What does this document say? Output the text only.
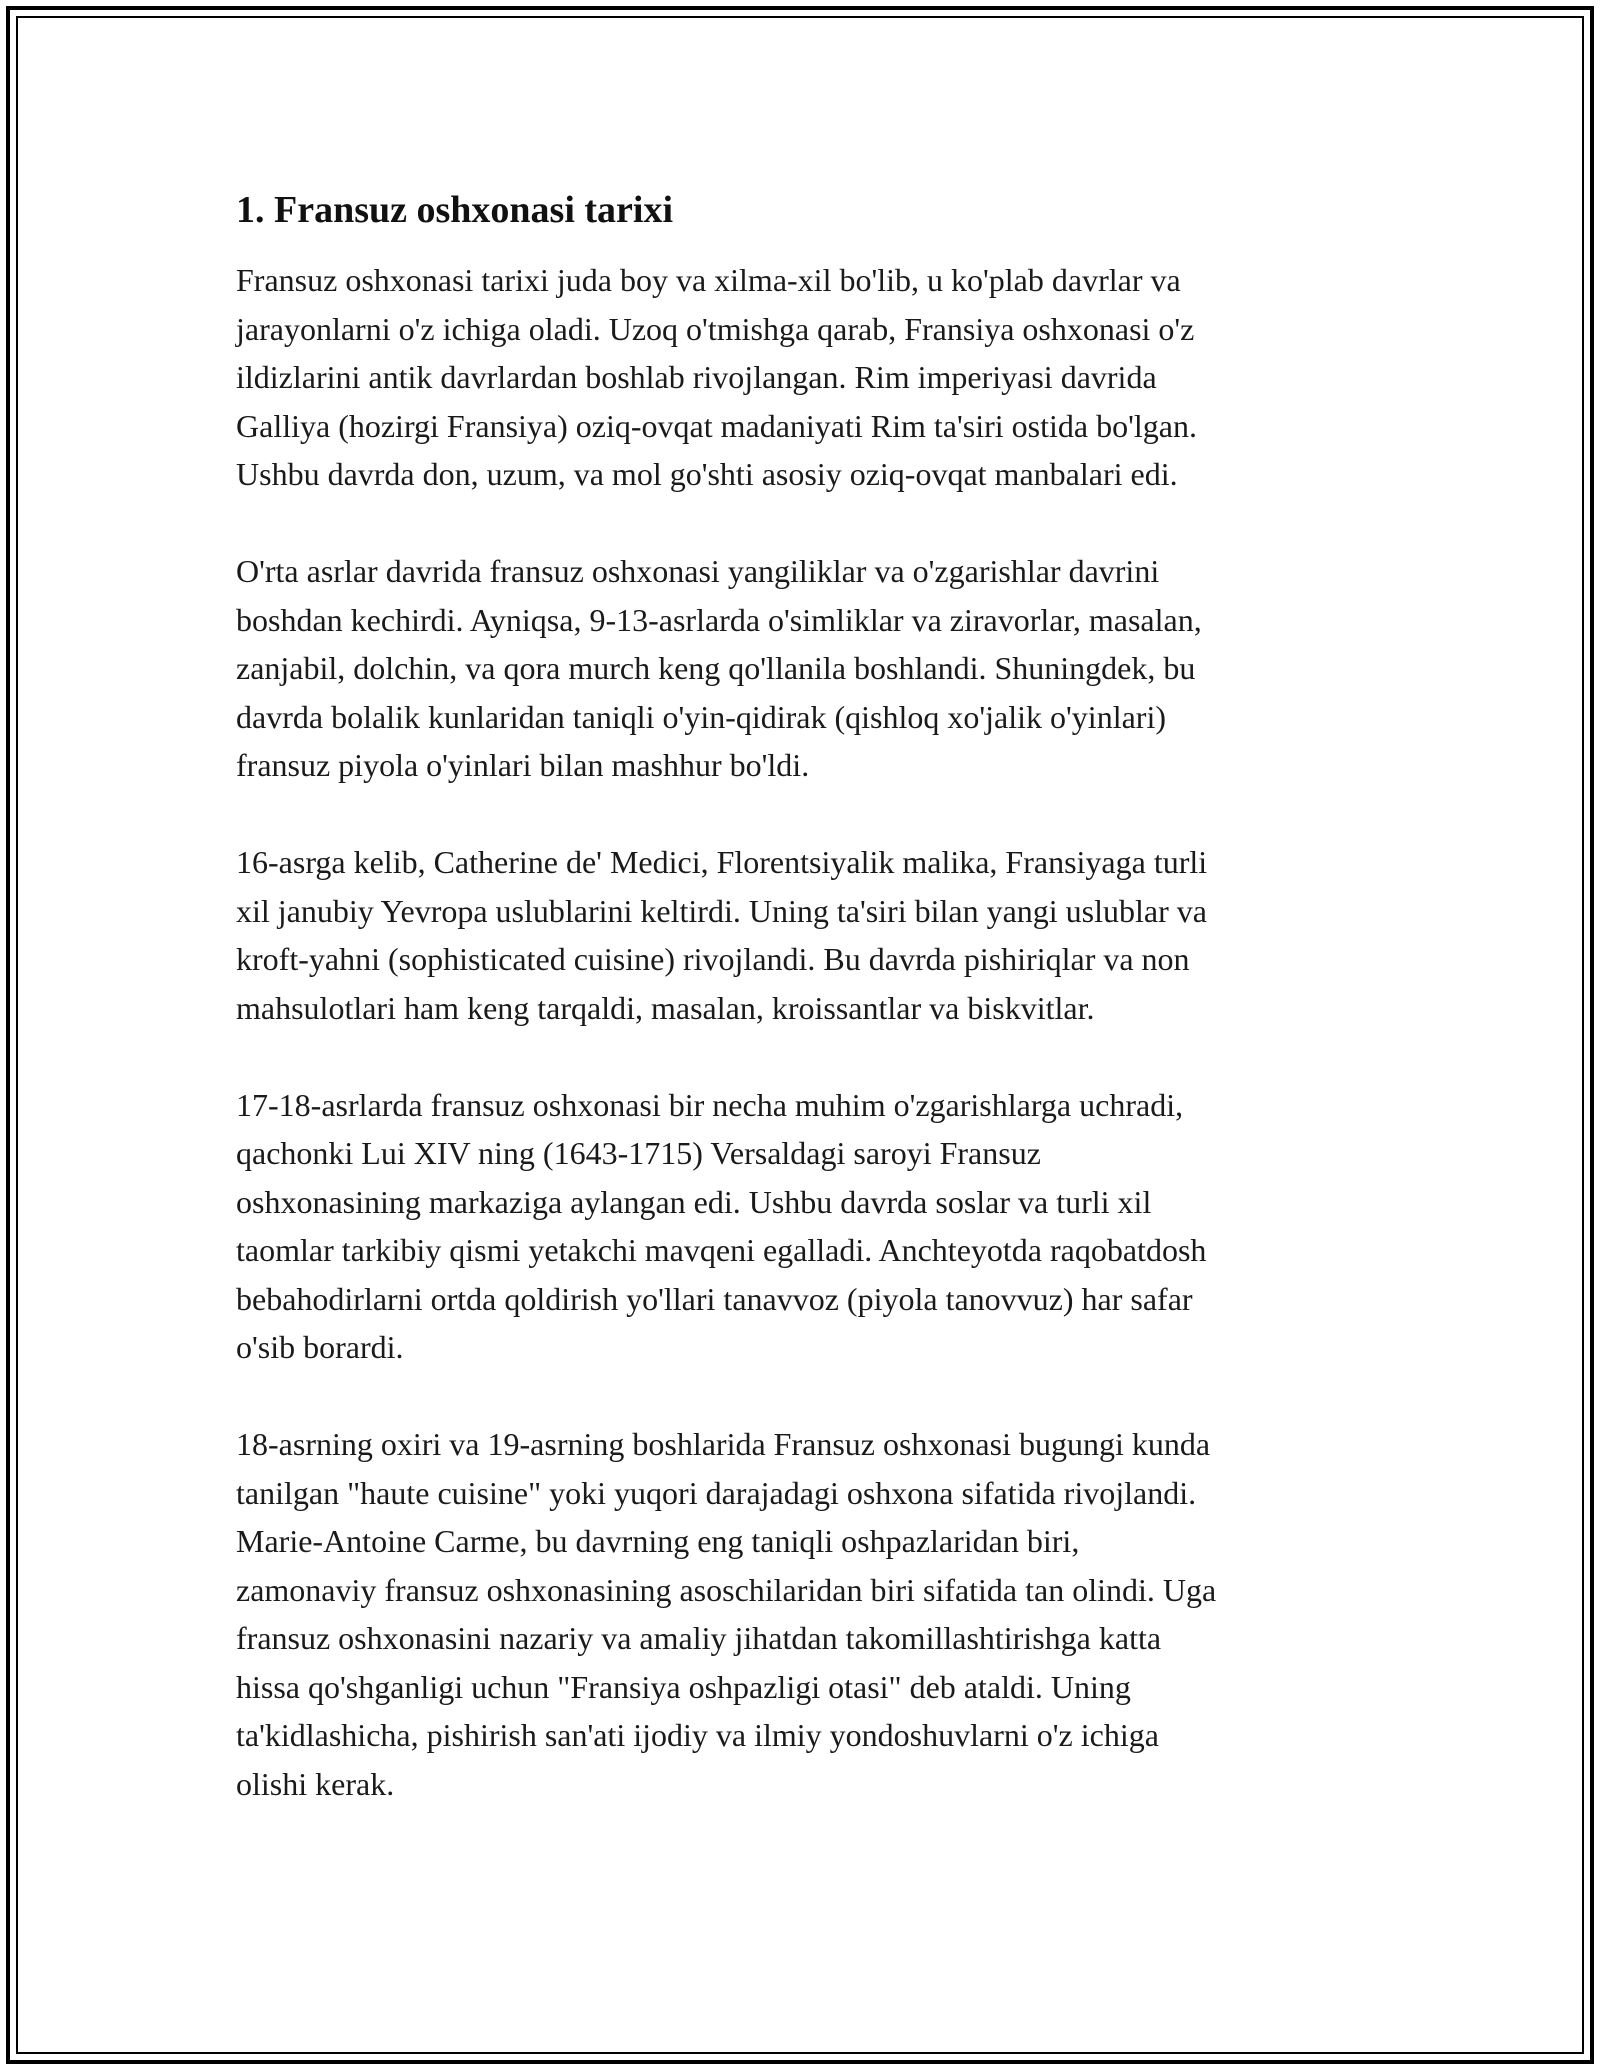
1. Fransuz oshxonasi tarixi

Fransuz oshxonasi tarixi juda boy va xilma-xil bo'lib, u ko'plab davrlar va
jarayonlarni o'z ichiga oladi. Uzoq o'tmishga qarab, Fransiya oshxonasi o'z
ildizlarini antik davrlardan boshlab rivojlangan. Rim imperiyasi davrida
Galliya (hozirgi Fransiya) oziq-ovqat madaniyati Rim ta'siri ostida bo'lgan.
Ushbu davrda don, uzum, va mol go'shti asosiy oziq-ovqat manbalari edi.

O'rta asrlar davrida fransuz oshxonasi yangiliklar va o'zgarishlar davrini
boshdan kechirdi. Ayniqsa, 9-13-asrlarda o'simliklar va ziravorlar, masalan,
zanjabil, dolchin, va qora murch keng qo'llanila boshlandi. Shuningdek, bu
davrda bolalik kunlaridan taniqli o'yin-qidirak (qishloq xo'jalik o'yinlari)
fransuz piyola o'yinlari bilan mashhur bo'ldi.

16-asrga kelib, Catherine de' Medici, Florentsiyalik malika, Fransiyaga turli
xil janubiy Yevropa uslublarini keltirdi. Uning ta'siri bilan yangi uslublar va
kroft-yahni (sophisticated cuisine) rivojlandi. Bu davrda pishiriqlar va non
mahsulotlari ham keng tarqaldi, masalan, kroissantlar va biskvitlar.

17-18-asrlarda fransuz oshxonasi bir necha muhim o'zgarishlarga uchradi,
qachonki Lui XIV ning (1643-1715) Versaldagi saroyi Fransuz
oshxonasining markaziga aylangan edi. Ushbu davrda soslar va turli xil
taomlar tarkibiy qismi yetakchi mavqeni egalladi. Anchteyotda raqobatdosh
bebahodirlarni ortda qoldirish yo'llari tanavvoz (piyola tanovvuz) har safar
o'sib borardi.

18-asrning oxiri va 19-asrning boshlarida Fransuz oshxonasi bugungi kunda
tanilgan "haute cuisine" yoki yuqori darajadagi oshxona sifatida rivojlandi.
Marie-Antoine Carme, bu davrning eng taniqli oshpazlaridan biri,
zamonaviy fransuz oshxonasining asoschilaridan biri sifatida tan olindi. Uga
fransuz oshxonasini nazariy va amaliy jihatdan takomillashtirishga katta
hissa qo'shganligi uchun "Fransiya oshpazligi otasi" deb ataldi. Uning
ta'kidlashicha, pishirish san'ati ijodiy va ilmiy yondoshuvlarni o'z ichiga
olishi kerak.
